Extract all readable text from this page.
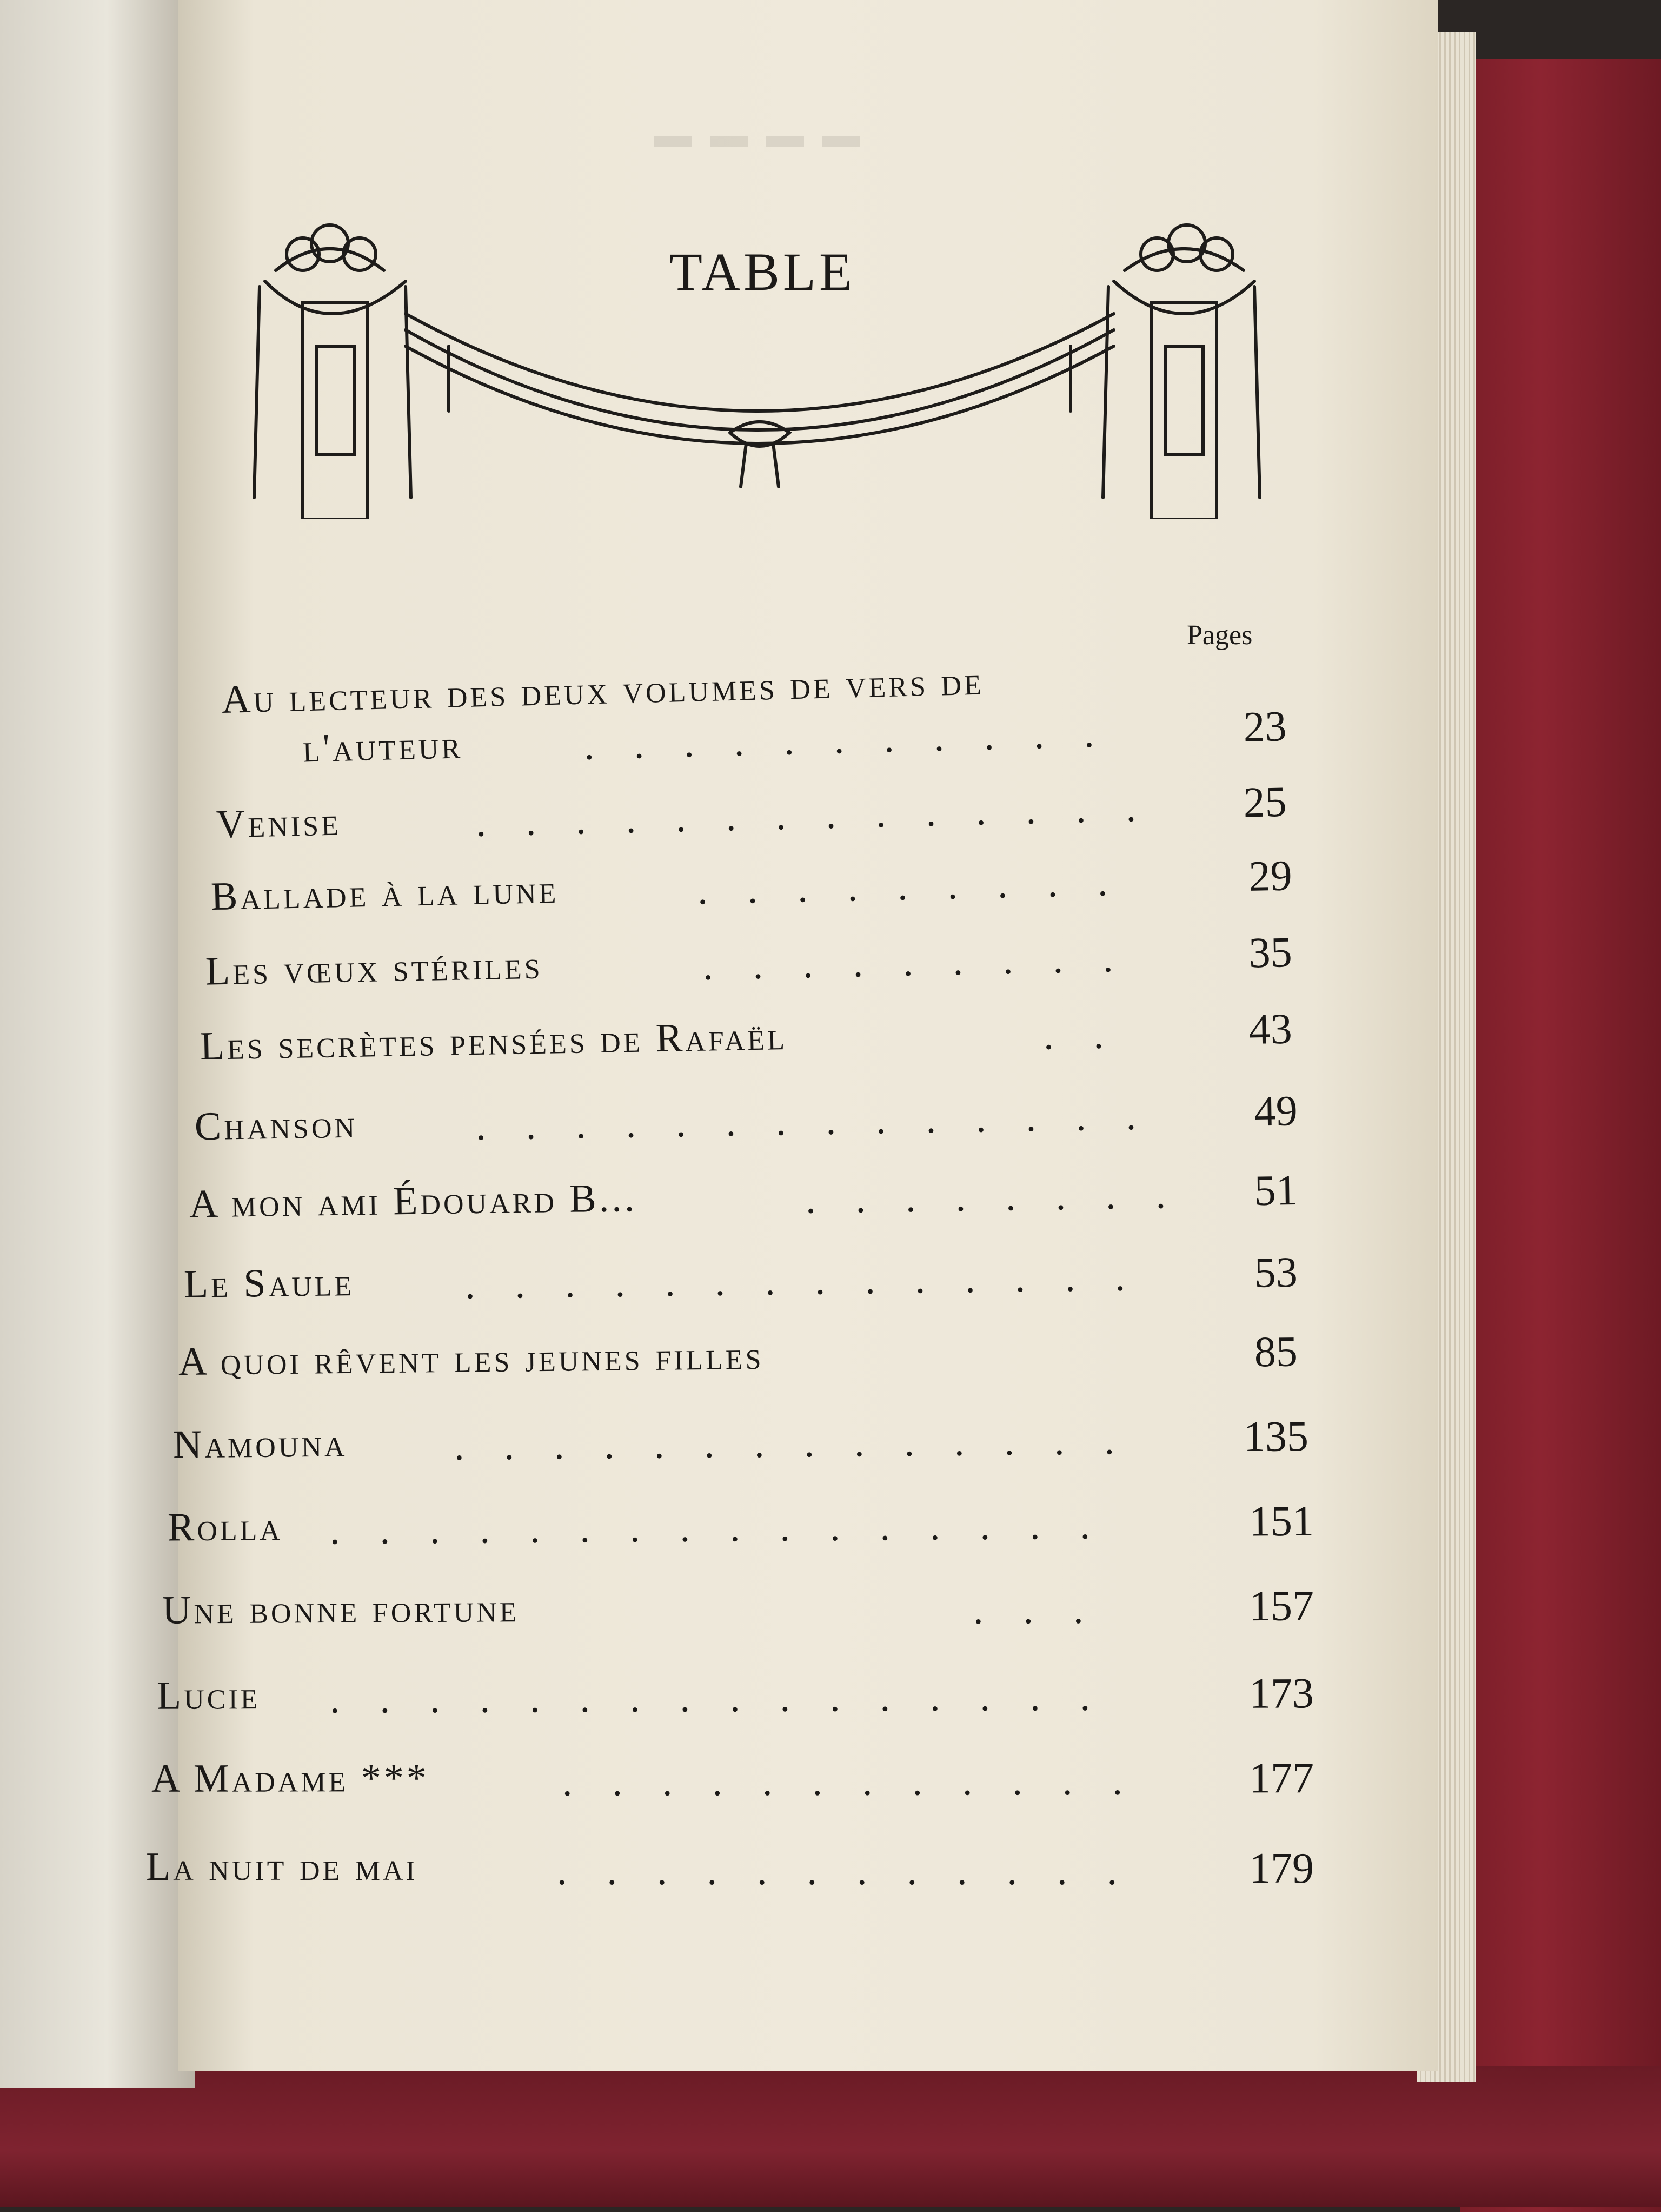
▬ ▬ ▬ ▬
TABLE
Pages
Au lecteur des deux volumes de vers de
l'auteur	.    .    .    .    .    .    .    .    .    .    .	23
Venise	.    .    .    .    .    .    .    .    .    .    .    .    .    .	25
Ballade à la lune	.    .    .    .    .    .    .    .    .	29
Les vœux stériles	.    .    .    .    .    .    .    .    .	35
Les secrètes pensées de Rafaël	.    .	43
Chanson	.    .    .    .    .    .    .    .    .    .    .    .    .    .	49
A mon ami Édouard B...	.    .    .    .    .    .    .    .	51
Le Saule	.    .    .    .    .    .    .    .    .    .    .    .    .    .	53
A quoi rêvent les jeunes filles	85
Namouna	.    .    .    .    .    .    .    .    .    .    .    .    .    .	135
Rolla .    .    .    .    .    .    .    .    .    .    .    .    .    .    .    .	151
Une bonne fortune	.    .    .	157
Lucie .    .    .    .    .    .    .    .    .    .    .    .    .    .    .    .	173
A Madame ***	.    .    .    .    .    .    .    .    .    .    .    .	177
La nuit de mai	.    .    .    .    .    .    .    .    .    .    .    .	179
